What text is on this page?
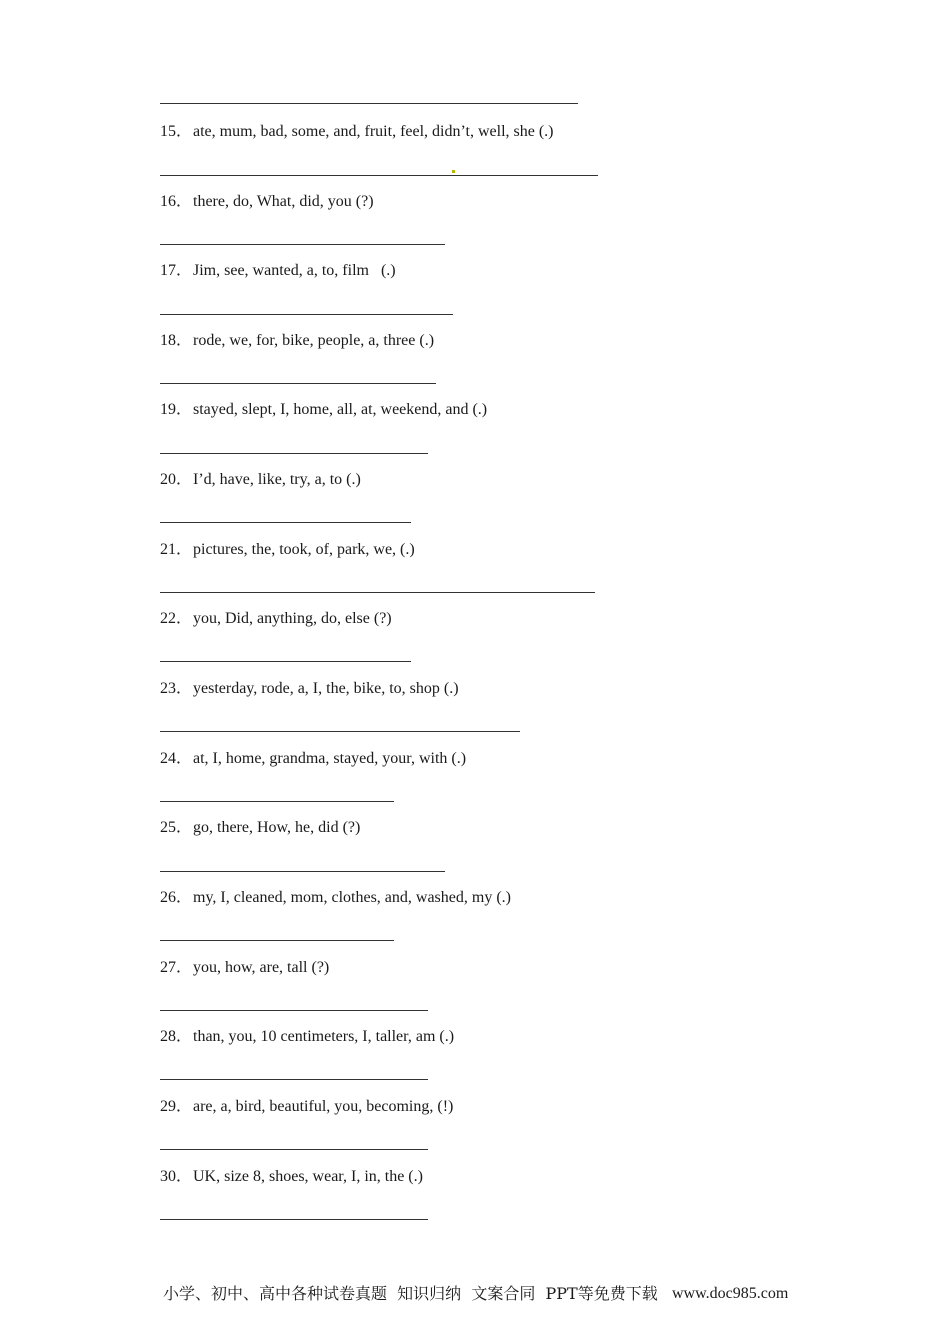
15．ate, mum, bad, some, and, fruit, feel, didn’t, well, she (.)
16．there, do, What, did, you (?)
17．Jim, see, wanted, a, to, film   (.)
18．rode, we, for, bike, people, a, three (.)
19．stayed, slept, I, home, all, at, weekend, and (.)
20．I’d, have, like, try, a, to (.)
21．pictures, the, took, of, park, we, (.)
22．you, Did, anything, do, else (?)
23．yesterday, rode, a, I, the, bike, to, shop (.)
24．at, I, home, grandma, stayed, your, with (.)
25．go, there, How, he, did (?)
26．my, I, cleaned, mom, clothes, and, washed, my (.)
27．you, how, are, tall (?)
28．than, you, 10 centimeters, I, taller, am (.)
29．are, a, bird, beautiful, you, becoming, (!)
30．UK, size 8, shoes, wear, I, in, the (.)
小学、初中、高中各种试卷真题  知识归纳  文案合同  PPT等免费下载 www.doc985.com
